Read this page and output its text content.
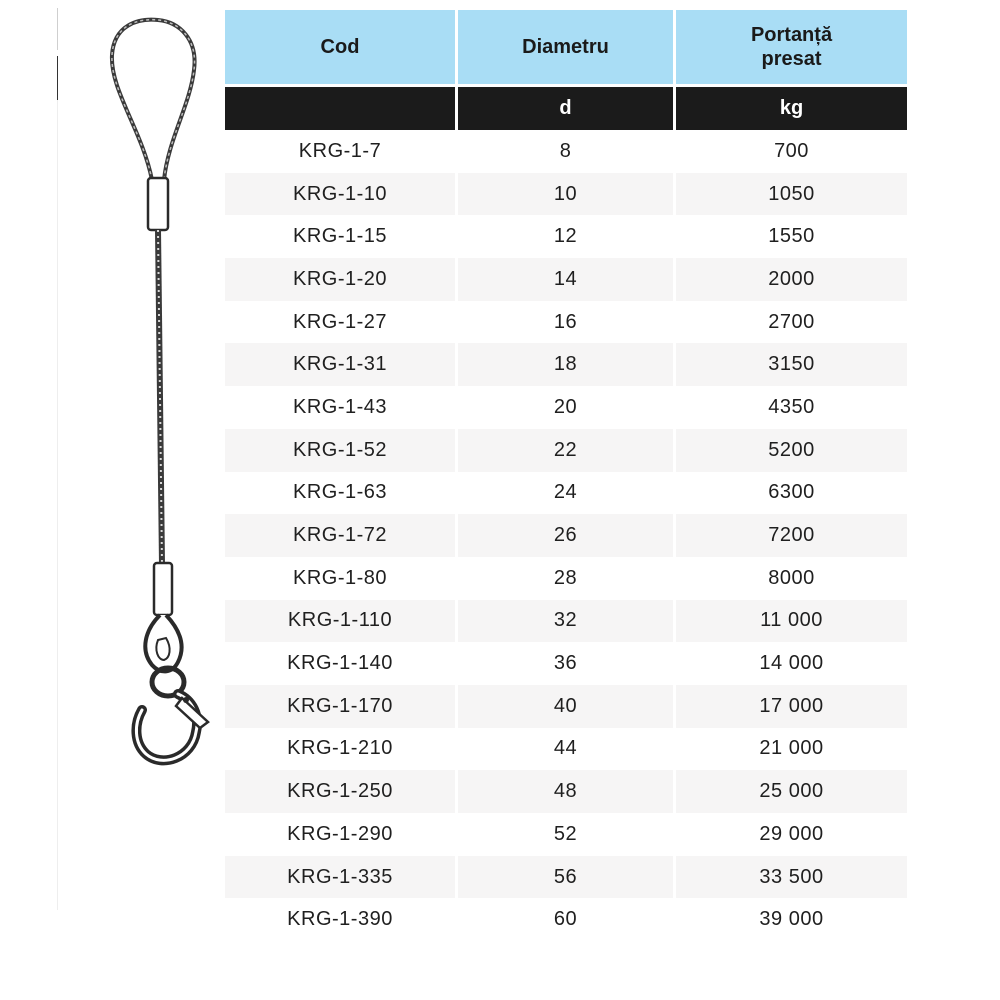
Cod	Diametru	Portanță presat
	d	kg
KRG-1-7	8	700
KRG-1-10	10	1050
KRG-1-15	12	1550
KRG-1-20	14	2000
KRG-1-27	16	2700
KRG-1-31	18	3150
KRG-1-43	20	4350
KRG-1-52	22	5200
KRG-1-63	24	6300
KRG-1-72	26	7200
KRG-1-80	28	8000
KRG-1-110	32	11 000
KRG-1-140	36	14 000
KRG-1-170	40	17 000
KRG-1-210	44	21 000
KRG-1-250	48	25 000
KRG-1-290	52	29 000
KRG-1-335	56	33 500
KRG-1-390	60	39 000
